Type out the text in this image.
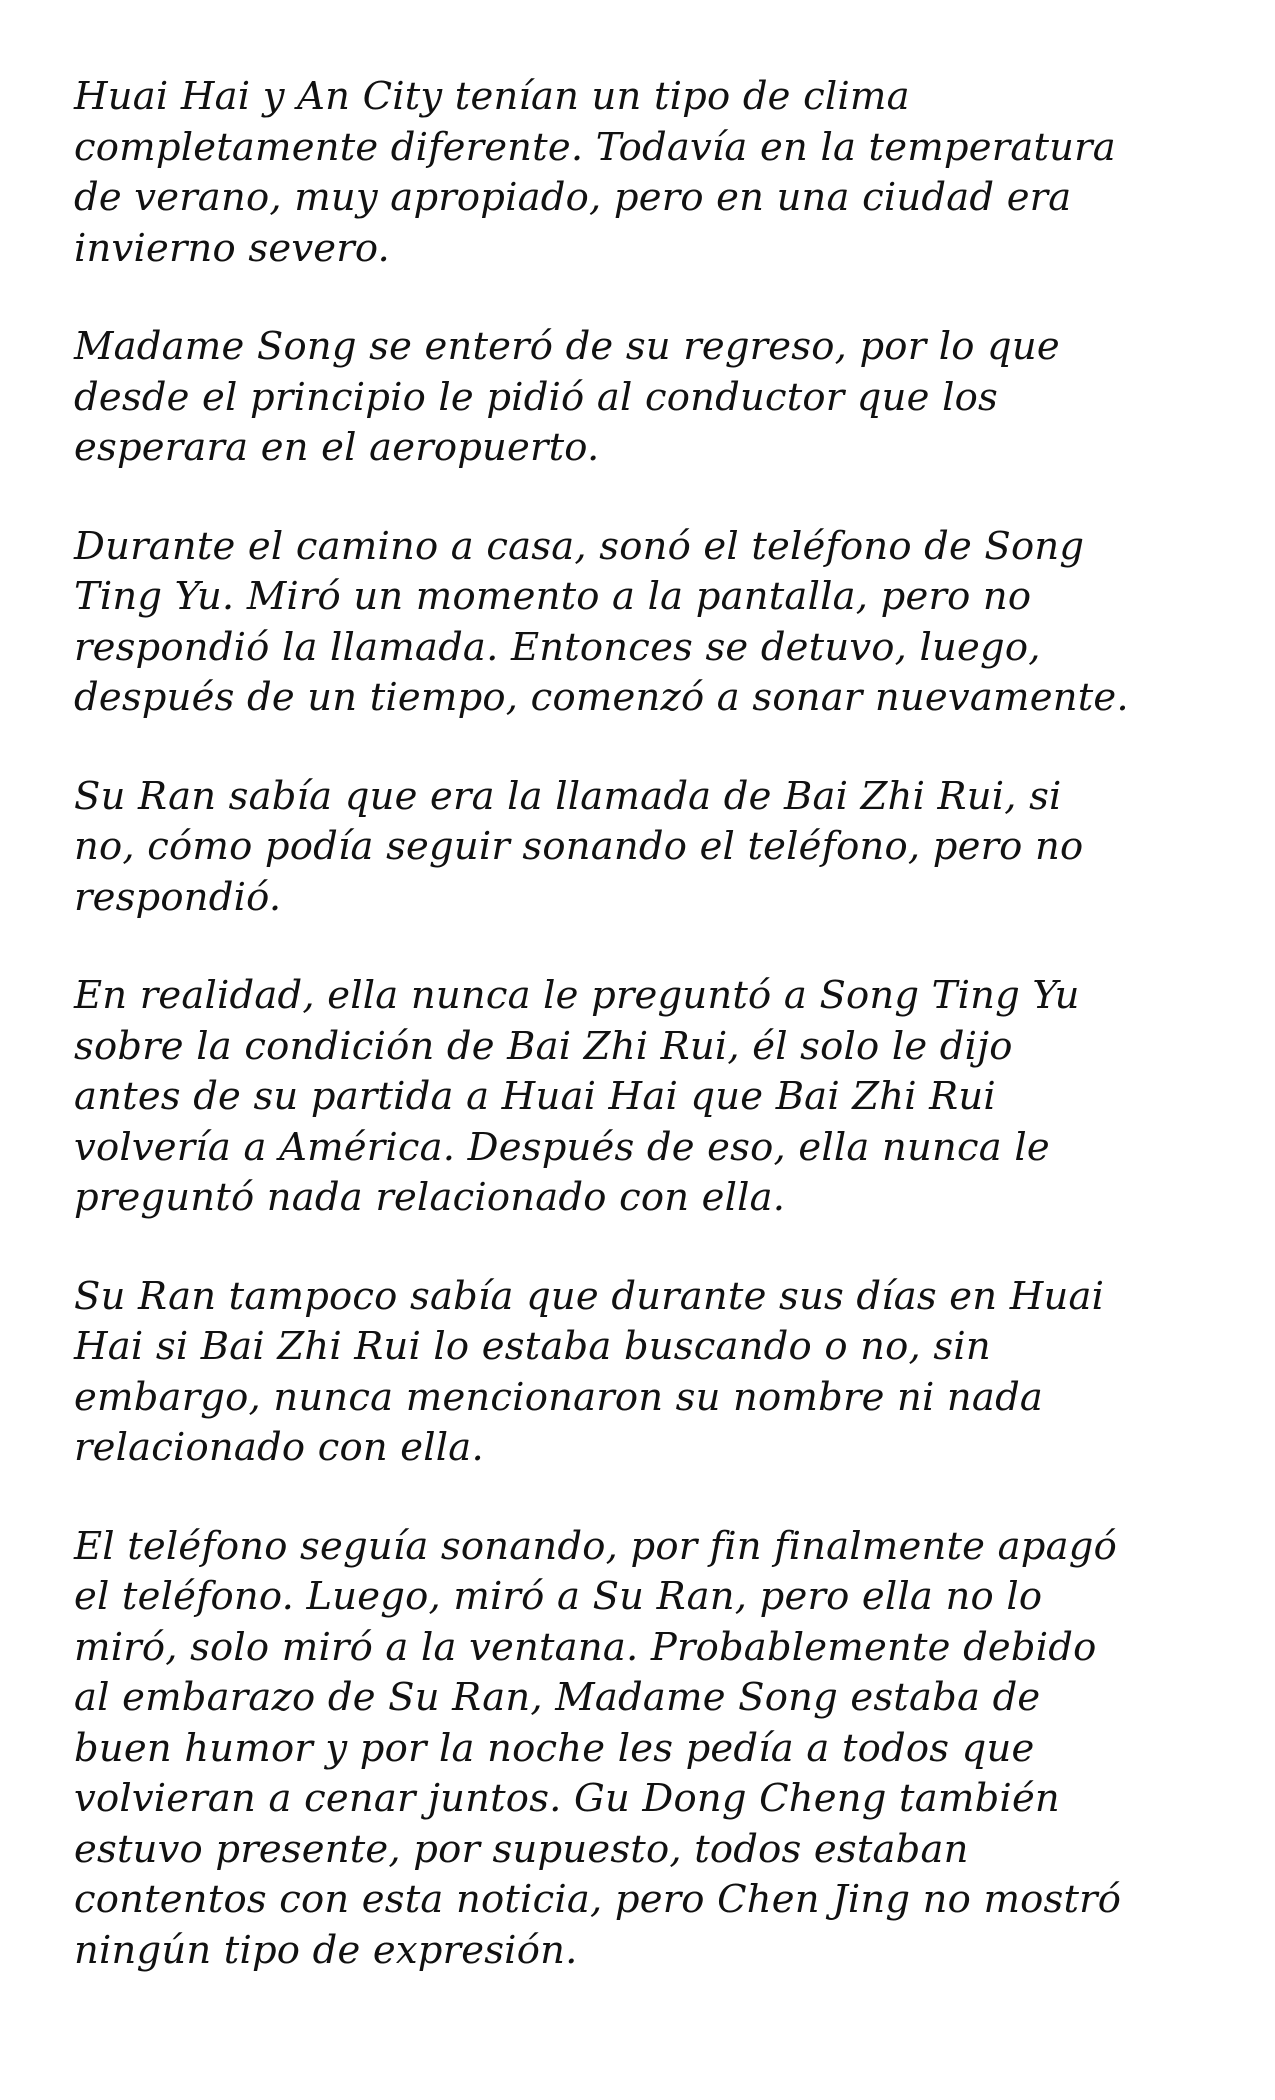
Huai Hai y An City tenían un tipo de clima
completamente diferente. Todavía en la temperatura
de verano, muy apropiado, pero en una ciudad era
invierno severo.

Madame Song se enteró de su regreso, por lo que
desde el principio le pidió al conductor que los
esperara en el aeropuerto.

Durante el camino a casa, sonó el teléfono de Song
Ting Yu. Miró un momento a la pantalla, pero no
respondió la llamada. Entonces se detuvo, luego,
después de un tiempo, comenzó a sonar nuevamente.

Su Ran sabía que era la llamada de Bai Zhi Rui, si
no, cómo podía seguir sonando el teléfono, pero no
respondió.

En realidad, ella nunca le preguntó a Song Ting Yu
sobre la condición de Bai Zhi Rui, él solo le dijo
antes de su partida a Huai Hai que Bai Zhi Rui
volvería a América. Después de eso, ella nunca le
preguntó nada relacionado con ella.

Su Ran tampoco sabía que durante sus días en Huai
Hai si Bai Zhi Rui lo estaba buscando o no, sin
embargo, nunca mencionaron su nombre ni nada
relacionado con ella.

El teléfono seguía sonando, por fin finalmente apagó
el teléfono. Luego, miró a Su Ran, pero ella no lo
miró, solo miró a la ventana. Probablemente debido
al embarazo de Su Ran, Madame Song estaba de
buen humor y por la noche les pedía a todos que
volvieran a cenar juntos. Gu Dong Cheng también
estuvo presente, por supuesto, todos estaban
contentos con esta noticia, pero Chen Jing no mostró
ningún tipo de expresión.
